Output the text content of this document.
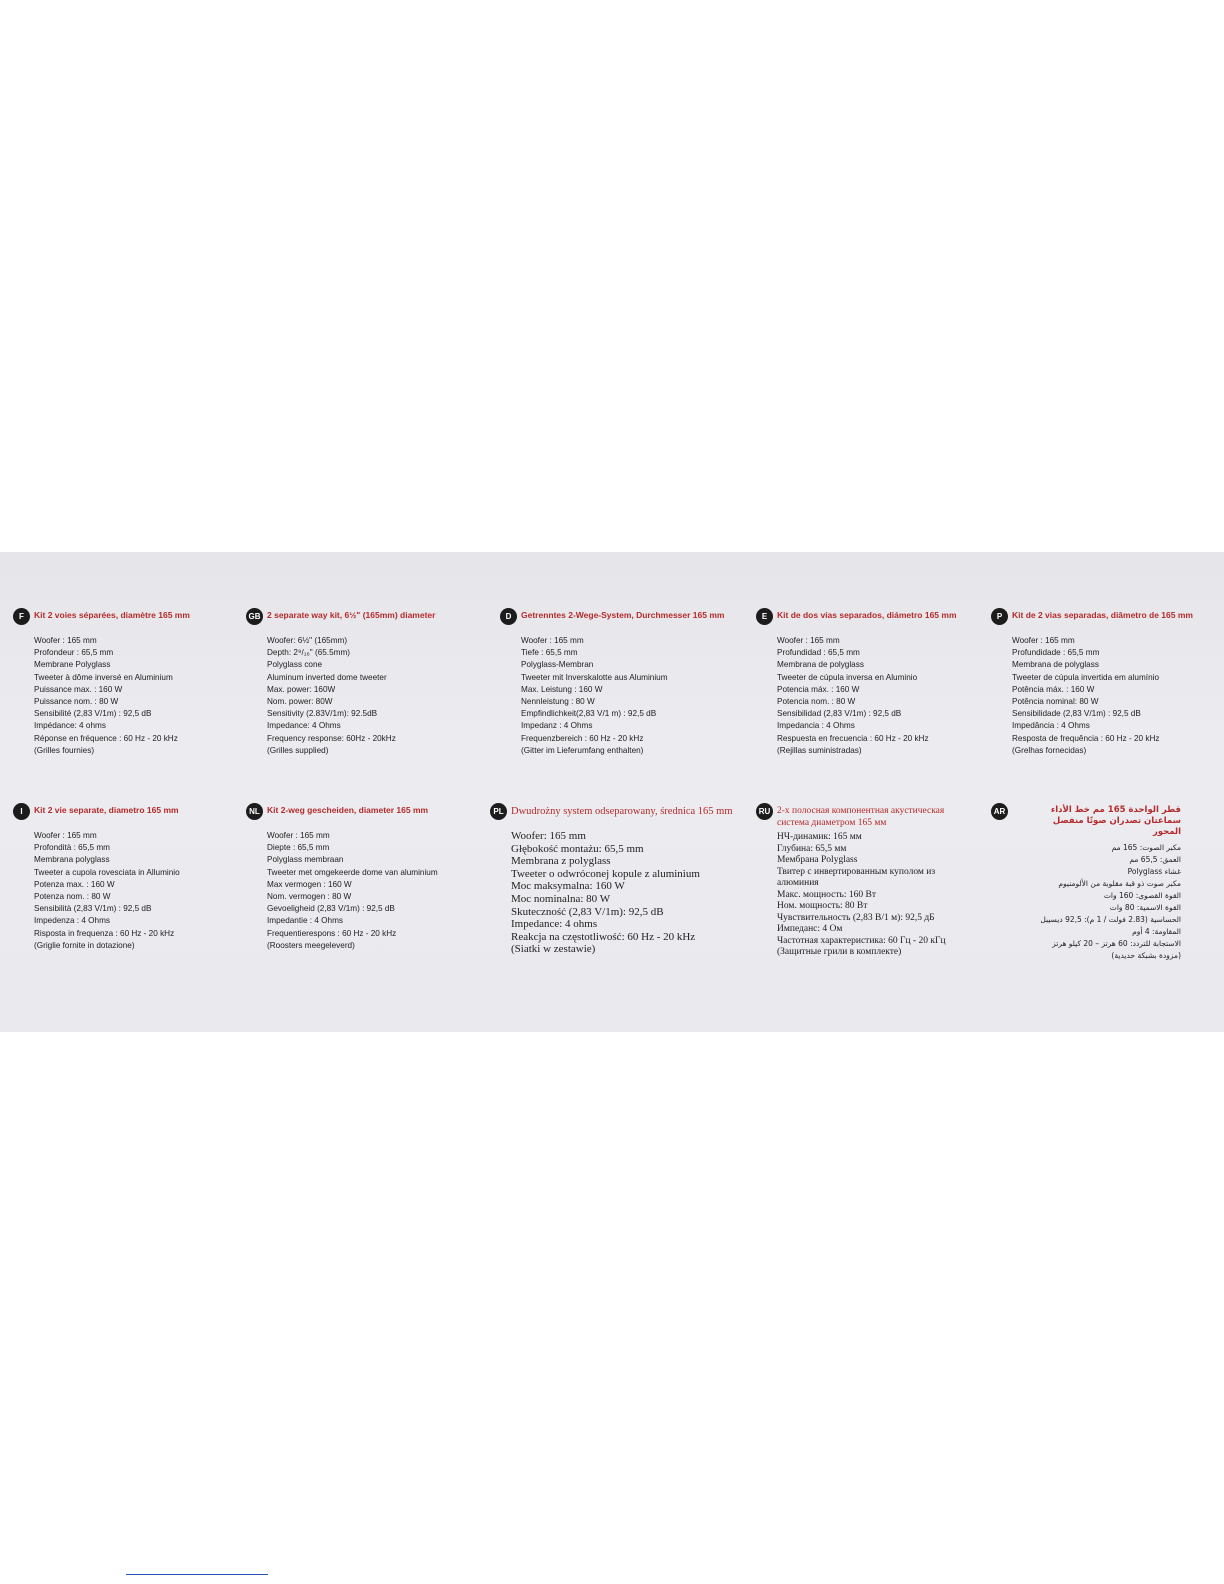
F	Kit 2 voies séparées, diamètre 165 mm
Woofer : 165 mm
Profondeur : 65,5 mm
Membrane Polyglass
Tweeter à dôme inversé en Aluminium
Puissance max. : 160 W
Puissance nom. : 80 W
Sensibilité (2,83 V/1m) : 92,5 dB
Impédance: 4 ohms
Réponse en fréquence : 60 Hz - 20 kHz
(Grilles fournies)
GB 2 separate way kit, 6½" (165mm) diameter
Woofer: 6½" (165mm)
Depth: 2⁹/₁₆" (65.5mm)
Polyglass cone
Aluminum inverted dome tweeter
Max. power: 160W
Nom. power: 80W
Sensitivity (2.83V/1m): 92.5dB
Impedance: 4 Ohms
Frequency response: 60Hz - 20kHz
(Grilles supplied)
D	Getrenntes 2-Wege-System, Durchmesser 165 mm
Woofer : 165 mm
Tiefe : 65,5 mm
Polyglass-Membran
Tweeter mit Inverskalotte aus Aluminium
Max. Leistung : 160 W
Nennleistung : 80 W
Empfindlichkeit(2,83 V/1 m) : 92,5 dB
Impedanz : 4 Ohms
Frequenzbereich : 60 Hz - 20 kHz
(Gitter im Lieferumfang enthalten)
E	Kit de dos vías separados, diámetro 165 mm
Woofer : 165 mm
Profundidad : 65,5 mm
Membrana de polyglass
Tweeter de cúpula inversa en Aluminio
Potencia máx. : 160 W
Potencia nom. : 80 W
Sensibilidad (2,83 V/1m) : 92,5 dB
Impedancia : 4 Ohms
Respuesta en frecuencia : 60 Hz - 20 kHz
(Rejillas suministradas)
P	Kit de 2 vias separadas, diâmetro de 165 mm
Woofer : 165 mm
Profundidade : 65,5 mm
Membrana de polyglass
Tweeter de cúpula invertida em alumínio
Potência máx. : 160 W
Potência nominal: 80 W
Sensibilidade (2,83 V/1m) : 92,5 dB
Impedância : 4 Ohms
Resposta de frequência : 60 Hz - 20 kHz
(Grelhas fornecidas)
I	Kit 2 vie separate, diametro 165 mm
Woofer : 165 mm
Profondità : 65,5 mm
Membrana polyglass
Tweeter a cupola rovesciata in Alluminio
Potenza max. : 160 W
Potenza nom. : 80 W
Sensibilità (2,83 V/1m) : 92,5 dB
Impedenza : 4 Ohms
Risposta in frequenza : 60 Hz - 20 kHz
(Griglie fornite in dotazione)
NL Kit 2-weg gescheiden, diameter 165 mm
Woofer : 165 mm
Diepte : 65,5 mm
Polyglass membraan
Tweeter met omgekeerde dome van aluminium
Max vermogen : 160 W
Nom. vermogen : 80 W
Gevoeligheid (2,83 V/1m) : 92,5 dB
Impedantie : 4 Ohms
Frequentierespons : 60 Hz - 20 kHz
(Roosters meegeleverd)
PL Dwudrożny system odseparowany, średnica 165 mm
Woofer: 165 mm
Głębokość montażu: 65,5 mm
Membrana z polyglass
Tweeter o odwróconej kopule z aluminium
Moc maksymalna: 160 W
Moc nominalna: 80 W
Skuteczność (2,83 V/1m): 92,5 dB
Impedance: 4 ohms
Reakcja na częstotliwość: 60 Hz - 20 kHz
(Siatki w zestawie)
RU 2-х полосная компонентная акустическая система диаметром 165 мм
НЧ-динамик: 165 мм
Глубина: 65,5 мм
Мембрана Polyglass
Твитер с инвертированным куполом из алюминия
Макс. мощность: 160 Вт
Ном. мощность: 80 Вт
Чувствительность (2,83 В/1 м): 92,5 дБ
Импеданс: 4 Ом
Частотная характеристика: 60 Гц - 20 кГц
(Защитные грили в комплекте)
AR	قطر الواحدة 165 مم خط الأداء سماعتان تصدران صوتًا منفصل المحور
مكبر الصوت: 165 مم
العمق: 65,5 مم
غشاء Polyglass
مكبر صوت ذو قبة مقلوبة من الألومنيوم
القوة القصوى: 160 وات
القوة الاسمية: 80 وات
الحساسية (2.83 فولت / 1 م): 92,5 ديسيبل
المقاومة: 4 أوم
الاستجابة للتردد: 60 هرتز – 20 كيلو هرتز
(مزودة بشبكة حديدية)
